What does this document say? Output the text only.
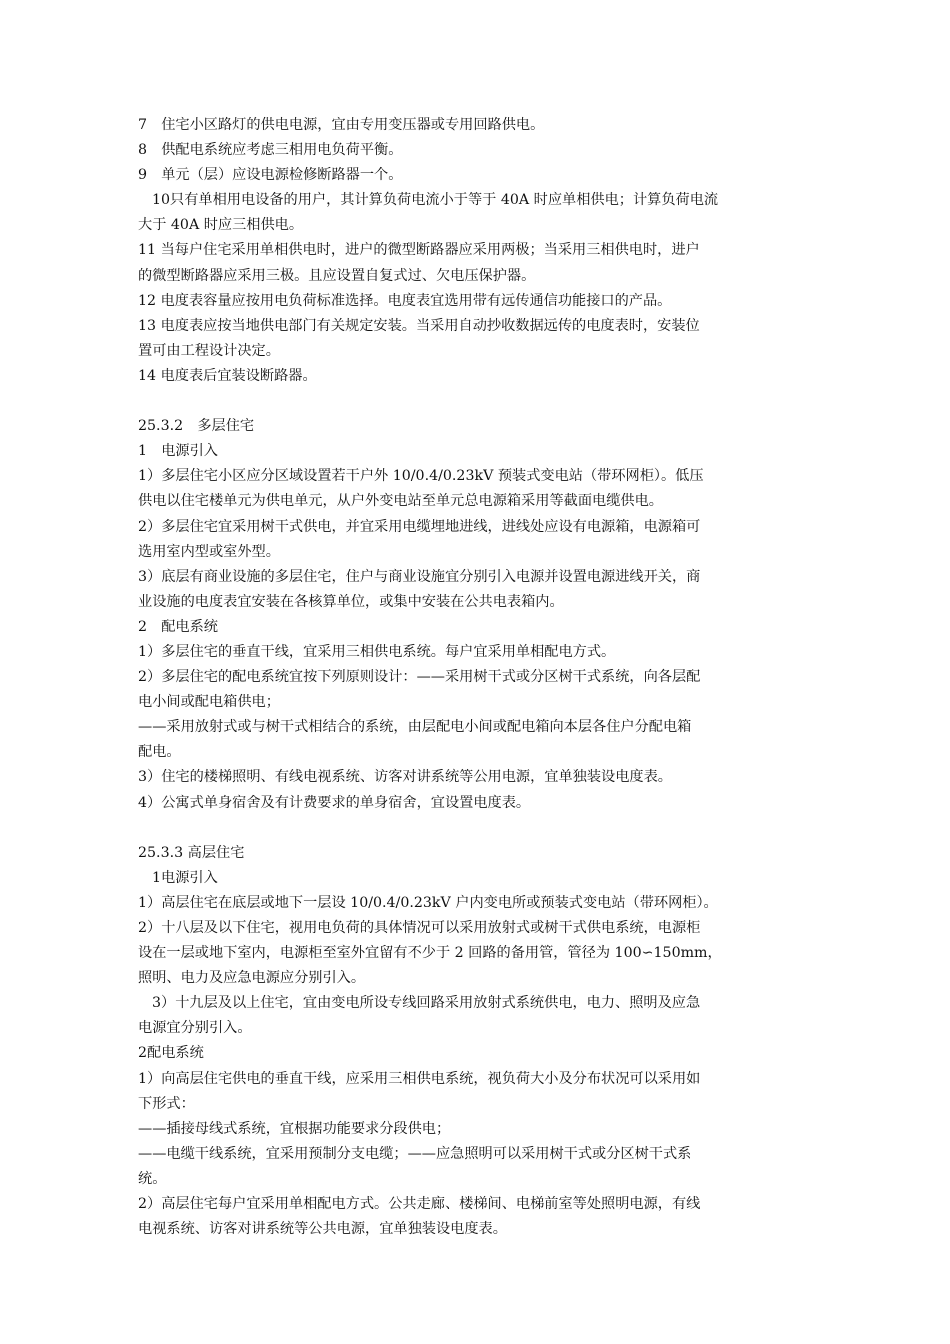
7　住宅小区路灯的供电电源，宜由专用变压器或专用回路供电。
8　供配电系统应考虑三相用电负荷平衡。
9　单元（层）应设电源检修断路器一个。
10只有单相用电设备的用户，其计算负荷电流小于等于 40A 时应单相供电；计算负荷电流
大于 40A 时应三相供电。
11 当每户住宅采用单相供电时，进户的微型断路器应采用两极；当采用三相供电时，进户
的微型断路器应采用三极。且应设置自复式过、欠电压保护器。
12 电度表容量应按用电负荷标准选择。电度表宜选用带有远传通信功能接口的产品。
13 电度表应按当地供电部门有关规定安装。当采用自动抄收数据远传的电度表时，安装位
置可由工程设计决定。
14 电度表后宜装设断路器。
25.3.2　多层住宅
1　电源引入
1）多层住宅小区应分区域设置若干户外 10/0.4/0.23kV 预装式变电站（带环网柜）。低压
供电以住宅楼单元为供电单元，从户外变电站至单元总电源箱采用等截面电缆供电。
2）多层住宅宜采用树干式供电，并宜采用电缆埋地进线，进线处应设有电源箱，电源箱可
选用室内型或室外型。
3）底层有商业设施的多层住宅，住户与商业设施宜分别引入电源并设置电源进线开关，商
业设施的电度表宜安装在各核算单位，或集中安装在公共电表箱内。
2　配电系统
1）多层住宅的垂直干线，宜采用三相供电系统。每户宜采用单相配电方式。
2）多层住宅的配电系统宜按下列原则设计：——采用树干式或分区树干式系统，向各层配
电小间或配电箱供电；
——采用放射式或与树干式相结合的系统，由层配电小间或配电箱向本层各住户分配电箱
配电。
3）住宅的楼梯照明、有线电视系统、访客对讲系统等公用电源，宜单独装设电度表。
4）公寓式单身宿舍及有计费要求的单身宿舍，宜设置电度表。
25.3.3 高层住宅
1电源引入
1）高层住宅在底层或地下一层设 10/0.4/0.23kV 户内变电所或预装式变电站（带环网柜）。
2）十八层及以下住宅，视用电负荷的具体情况可以采用放射式或树干式供电系统，电源柜
设在一层或地下室内，电源柜至室外宜留有不少于 2 回路的备用管，管径为 100∽150mm，
照明、电力及应急电源应分别引入。
3）十九层及以上住宅，宜由变电所设专线回路采用放射式系统供电，电力、照明及应急
电源宜分别引入。
2配电系统
1）向高层住宅供电的垂直干线，应采用三相供电系统，视负荷大小及分布状况可以采用如
下形式：
——插接母线式系统，宜根据功能要求分段供电；
——电缆干线系统，宜采用预制分支电缆；——应急照明可以采用树干式或分区树干式系
统。
2）高层住宅每户宜采用单相配电方式。公共走廊、楼梯间、电梯前室等处照明电源，有线
电视系统、访客对讲系统等公共电源，宜单独装设电度表。
